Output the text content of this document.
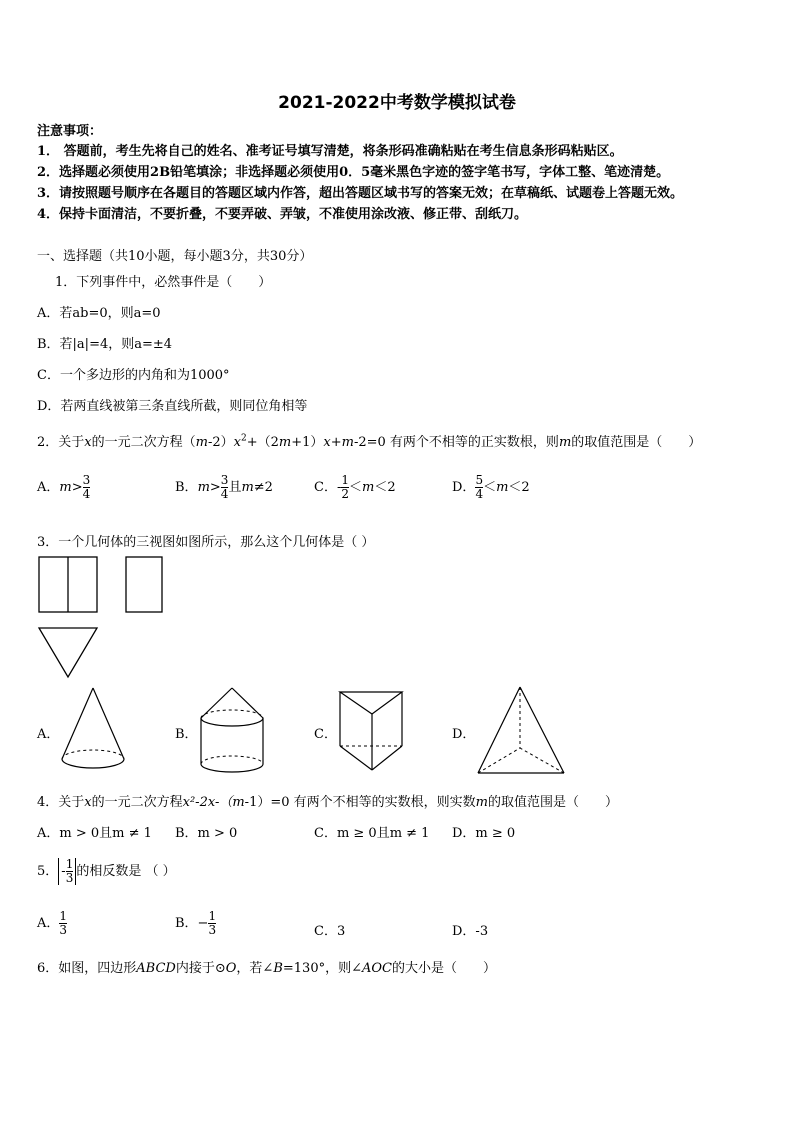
2021-2022中考数学模拟试卷
注意事项：
1． 答题前，考生先将自己的姓名、准考证号填写清楚，将条形码准确粘贴在考生信息条形码粘贴区。
2．选择题必须使用2B铅笔填涂；非选择题必须使用0．5毫米黑色字迹的签字笔书写，字体工整、笔迹清楚。
3．请按照题号顺序在各题目的答题区域内作答，超出答题区域书写的答案无效；在草稿纸、试题卷上答题无效。
4．保持卡面清洁，不要折叠，不要弄破、弄皱，不准使用涂改液、修正带、刮纸刀。
一、选择题（共10小题，每小题3分，共30分）
1．下列事件中，必然事件是（　　）
A．若ab=0，则a=0
B．若|a|=4，则a=±4
C．一个多边形的内角和为1000°
D．若两直线被第三条直线所截，则同位角相等
2．关于x的一元二次方程$(m-2)x^2+(2m+1)x+m-2=0$ 有两个不相等的正实数根，则m的取值范围是（　　）
A．$m> \frac{3}{4}$	B．$m> \frac{3}{4}$ 且m≠2	C．- $\frac{1}{2} <m<2$	D． $\frac{5}{4} <m<2$
3．一个几何体的三视图如图所示，那么这个几何体是（ ）
A．	B．	C．	D．
4．关于x的一元二次方程x²-2x-（m-1）=0 有两个不相等的实数根，则实数m的取值范围是（　　）
A．m > 0且m ≠ 1 B．m > 0	C．m ≥ 0且m ≠ 1 D．m ≥ 0
5． - $\frac{1}{3}$ 的相反数是 （ ）
A． $\frac{1}{3}$	B．− $\frac{1}{3}$	C．3	D．-3
6．如图，四边形ABCD内接于⊙O，若∠B=130°，则∠AOC的大小是（　　）
